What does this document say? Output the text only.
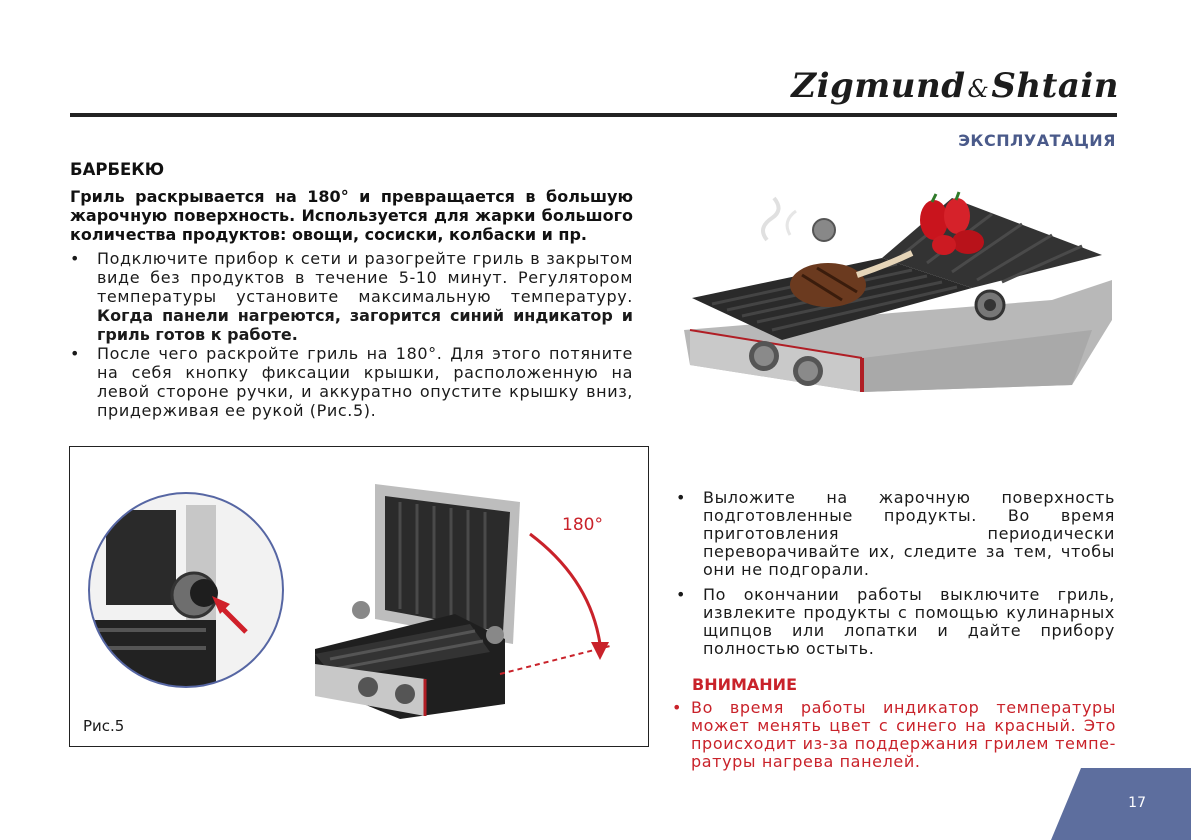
Zigmund&Shtain
ЭКСПЛУАТАЦИЯ
БАРБЕКЮ

Гриль раскрывается на 180° и превращается в большую жарочную поверхность. Используется для жарки большого количества продуктов: овощи, сосиски, колбаски и пр.

• Подключите прибор к сети и разогрейте гриль в закрытом виде без продуктов в течение 5-10 минут. Регулятором температуры установите максимальную температуру. Когда панели нагреются, загорится синий индикатор и гриль готов к работе.
• После чего раскройте гриль на 180°. Для этого потяните на себя кнопку фиксации крышки, расположенную на левой стороне ручки, и аккуратно опустите крышку вниз, придерживая ее рукой (Рис.5).
180°
Рис.5
• Выложите на жарочную поверхность подготовленные продукты. Во время приготовления периодически переворачивайте их, следите за тем, чтобы они не подгорали.
• По окончании работы выключите гриль, извлеките продукты с помощью кулинарных щипцов или лопатки и дайте прибору полностью остыть.
ВНИМАНИЕ
• Во время работы индикатор температуры может менять цвет с синего на красный. Это происходит из-за поддержания грилем темпе-ратуры нагрева панелей.
17
